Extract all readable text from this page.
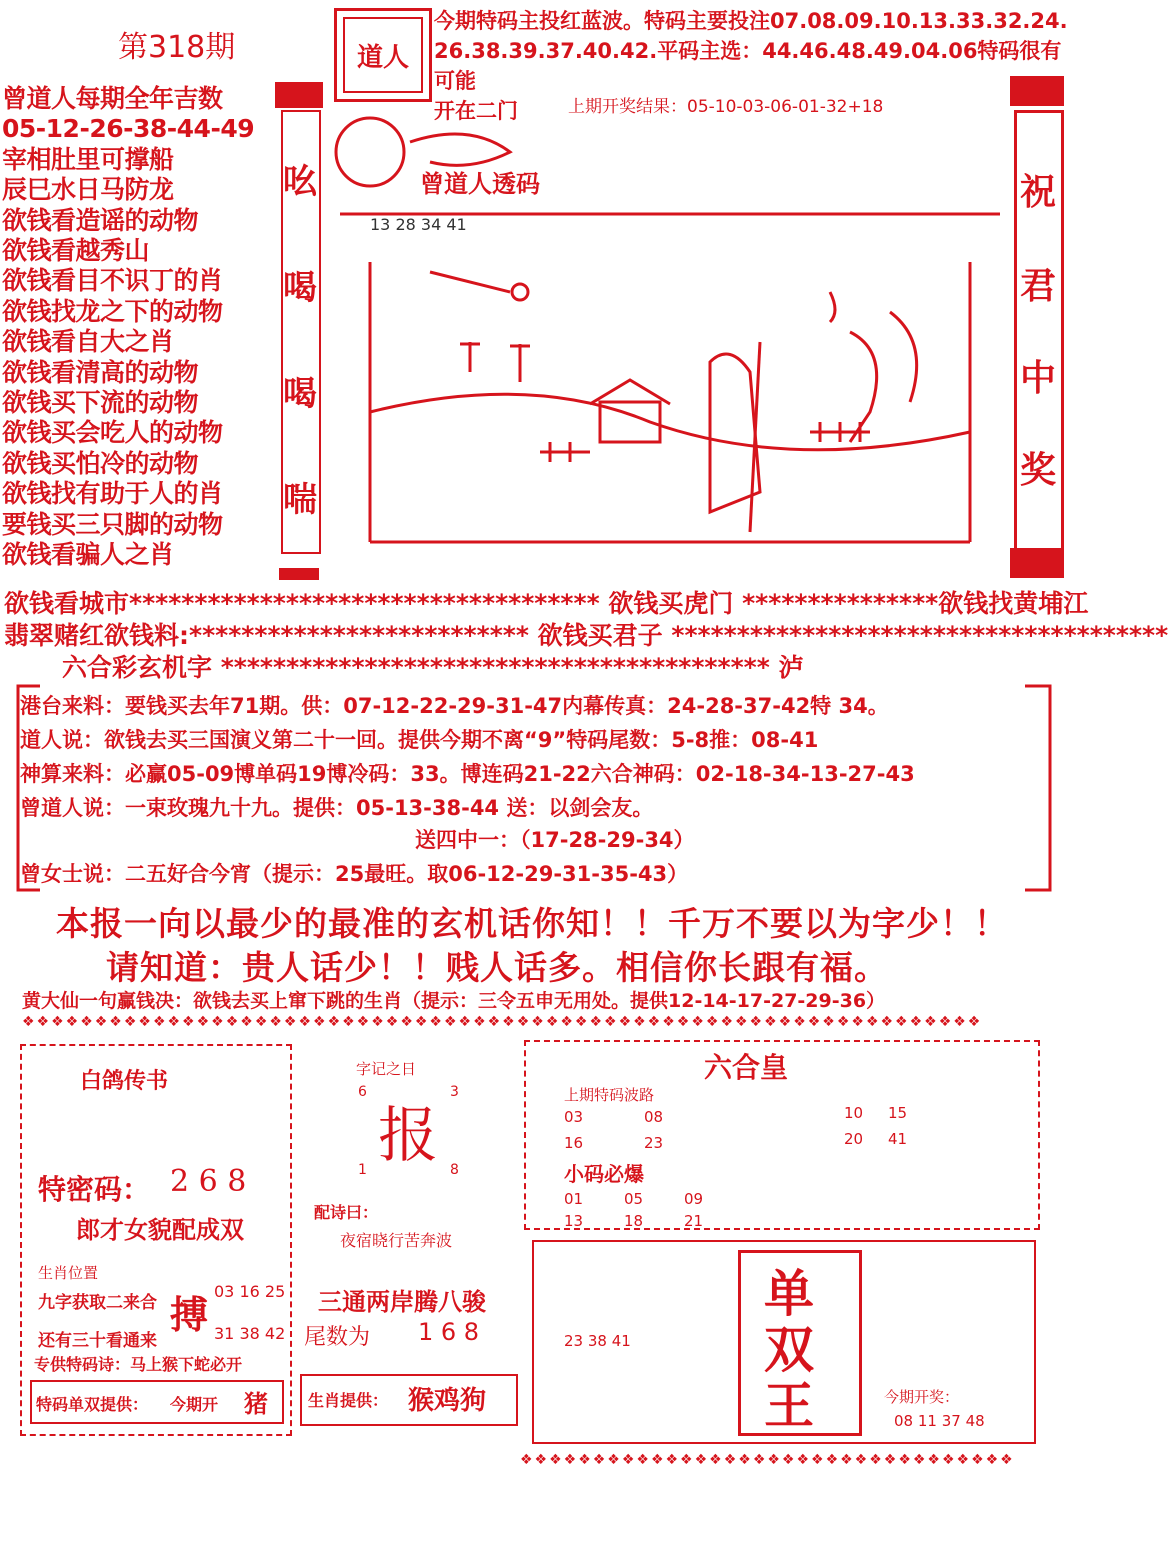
第318期	道人
今期特码主投红蓝波。特码主要投注07.08.09.10.13.33.32.24.
26.38.39.37.40.42.平码主选：44.46.48.49.04.06特码很有可能
开在二门	上期开奖结果：05-10-03-06-01-32+18
曾道人每期全年吉数
05-12-26-38-44-49
宰相肚里可撑船
辰巳水日马防龙
欲钱看造谣的动物
欲钱看越秀山
欲钱看目不识丁的肖
欲钱找龙之下的动物
欲钱看自大之肖
欲钱看清高的动物
欲钱买下流的动物
欲钱买会吃人的动物
欲钱买怕冷的动物
欲钱找有助于人的肖
要钱买三只脚的动物
欲钱看骗人之肖
吆
喝
喝
喘
曾道人透码
13 28 34 41
祝
君
中
奖
欲钱看城市************************************ 欲钱买虎门 ***************欲钱找黄埔江
翡翠赌红欲钱料:************************** 欲钱买君子 **************************************
六合彩玄机字 ****************************************** 泸
港台来料：要钱买去年71期。供：07-12-22-29-31-47内幕传真：24-28-37-42特 34。
道人说：欲钱去买三国演义第二十一回。提供今期不离“9”特码尾数：5-8推：08-41
神算来料：必赢05-09博单码19博冷码：33。博连码21-22六合神码：02-18-34-13-27-43
曾道人说：一束玫瑰九十九。提供：05-13-38-44 送：以剑会友。
送四中一：（17-28-29-34）
曾女士说：二五好合今宵（提示：25最旺。取06-12-29-31-35-43）
本报一向以最少的最准的玄机话你知！！千万不要以为字少！！
请知道：贵人话少！！贱人话多。相信你长跟有福。
黄大仙一句赢钱决：欲钱去买上窜下跳的生肖（提示：三令五申无用处。提供12-14-17-27-29-36）
❖❖❖❖❖❖❖❖❖❖❖❖❖❖❖❖❖❖❖❖❖❖❖❖❖❖❖❖❖❖❖❖❖❖❖❖❖❖❖❖❖❖❖❖❖❖❖❖❖❖❖❖❖❖❖❖❖❖❖❖❖❖❖❖❖❖
白鸽传书
特密码： 2 6 8
郎才女貌配成双
生肖位置
九字获取二来合
还有三十看通来
搏
03 16 25
31 38 42
专供特码诗：马上猴下蛇必开
特码单双提供： 今期开 猪
字记之日
6	3
报
1	8
配诗曰：
夜宿晓行苦奔波
三通两岸腾八骏
尾数为 1 6 8
生肖提供： 猴鸡狗
六合皇
上期特码波路
03	08
16	23
10 15
20 41
小码必爆
01	05	09
13	18	21
单
双
王
23 38 41
今期开奖：
08 11 37 48
❖❖❖❖❖❖❖❖❖❖❖❖❖❖❖❖❖❖❖❖❖❖❖❖❖❖❖❖❖❖❖❖❖❖
